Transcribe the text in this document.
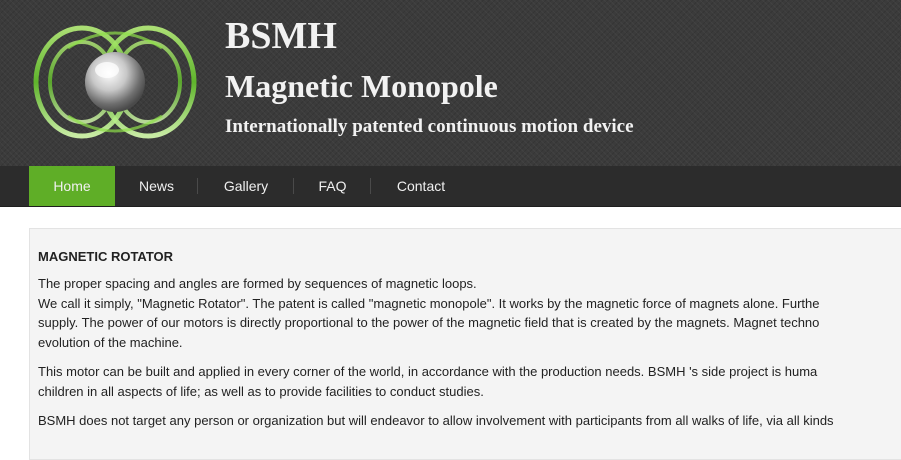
BSMH
Magnetic Monopole
Internationally patented continuous motion device
Home	News	Gallery	FAQ	Contact
MAGNETIC ROTATOR

The proper spacing and angles are formed by sequences of magnetic loops.
We call it simply, "Magnetic Rotator". The patent is called "magnetic monopole". It works by the magnetic force of magnets alone. Furthe
supply. The power of our motors is directly proportional to the power of the magnetic field that is created by the magnets. Magnet techno
evolution of the machine.

This motor can be built and applied in every corner of the world, in accordance with the production needs. BSMH 's side project is huma
children in all aspects of life; as well as to provide facilities to conduct studies.

BSMH does not target any person or organization but will endeavor to allow involvement with participants from all walks of life, via all kinds
